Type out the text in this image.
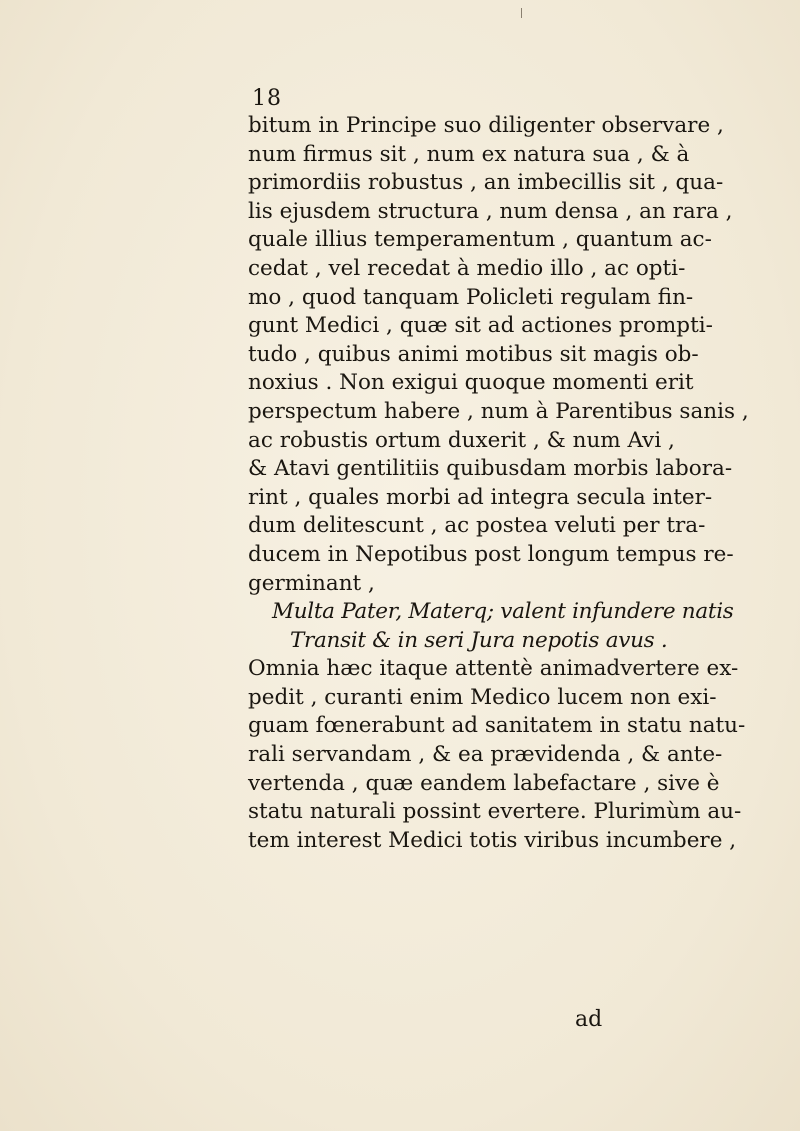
18
bitum in Principe suo diligenter observare ,
num firmus sit , num ex natura sua , & à
primordiis robustus , an imbecillis sit , qua-
lis ejusdem structura , num densa , an rara ,
quale illius temperamentum , quantum ac-
cedat , vel recedat à medio illo , ac opti-
mo , quod tanquam Policleti regulam fin-
gunt Medici , quæ sit ad actiones prompti-
tudo , quibus animi motibus sit magis ob-
noxius . Non exigui quoque momenti erit
perspectum habere , num à Parentibus sanis ,
ac robustis ortum duxerit , & num Avi ,
& Atavi gentilitiis quibusdam morbis labora-
rint , quales morbi ad integra secula inter-
dum delitescunt , ac postea veluti per tra-
ducem in Nepotibus post longum tempus re-
germinant ,
Multa Pater, Materq; valent infundere natis
Transit & in seri Jura nepotis avus .
Omnia hæc itaque attentè animadvertere ex-
pedit , curanti enim Medico lucem non exi-
guam fœnerabunt ad sanitatem in statu natu-
rali servandam , & ea prævidenda , & ante-
vertenda , quæ eandem labefactare , sive è
statu naturali possint evertere. Plurimùm au-
tem interest Medici totis viribus incumbere ,
ad
